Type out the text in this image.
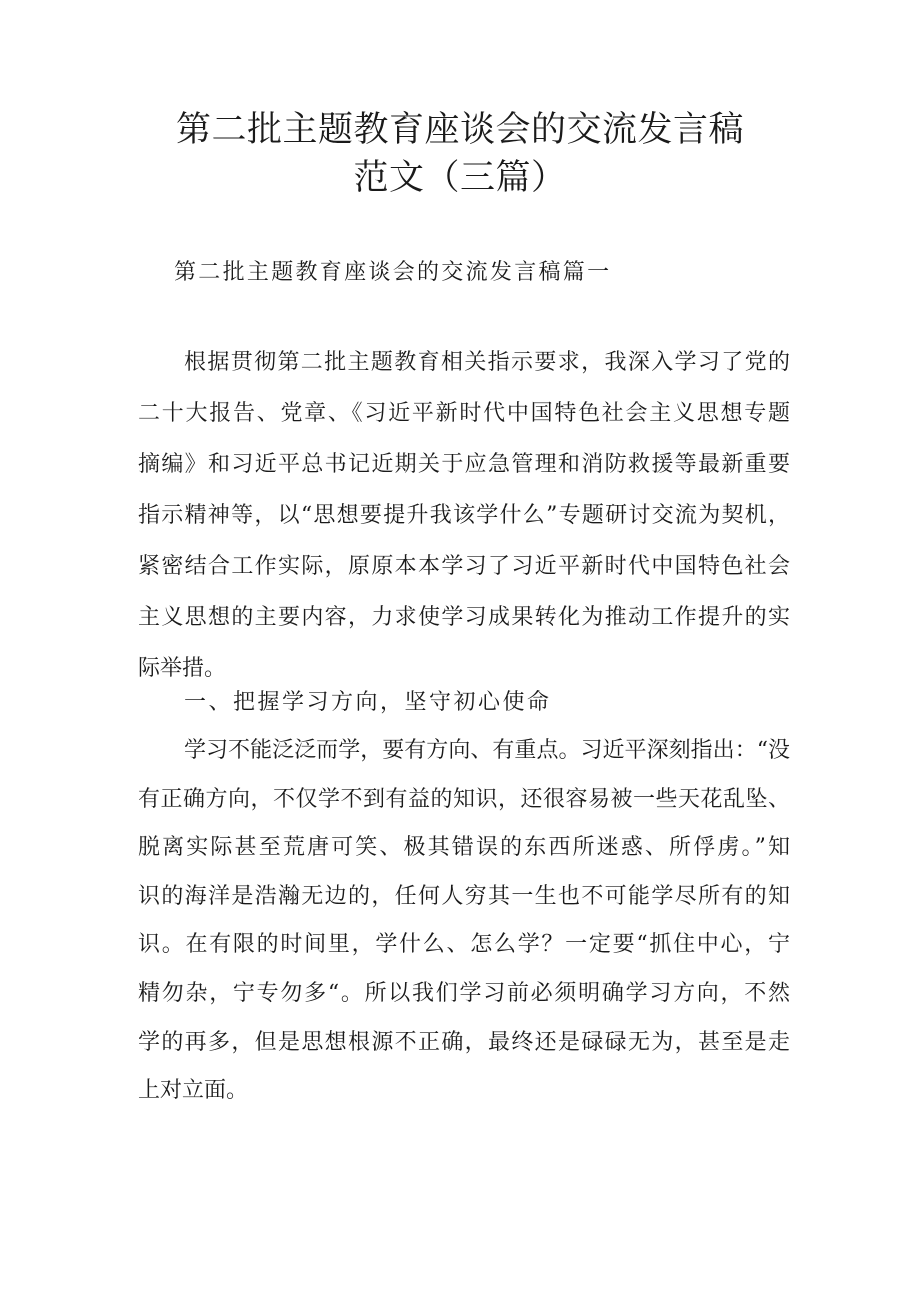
第二批主题教育座谈会的交流发言稿
范文（三篇）

第二批主题教育座谈会的交流发言稿篇一

根据贯彻第二批主题教育相关指示要求，我深入学习了党的
二十大报告、党章、《习近平新时代中国特色社会主义思想专题
摘编》和习近平总书记近期关于应急管理和消防救援等最新重要
指示精神等，以“思想要提升我该学什么”专题研讨交流为契机，
紧密结合工作实际，原原本本学习了习近平新时代中国特色社会
主义思想的主要内容，力求使学习成果转化为推动工作提升的实
际举措。

一、把握学习方向，坚守初心使命

学习不能泛泛而学，要有方向、有重点。习近平深刻指出：“没
有正确方向，不仅学不到有益的知识，还很容易被一些天花乱坠、
脱离实际甚至荒唐可笑、极其错误的东西所迷惑、所俘虏。”知
识的海洋是浩瀚无边的，任何人穷其一生也不可能学尽所有的知
识。在有限的时间里，学什么、怎么学？一定要“抓住中心，宁
精勿杂，宁专勿多“。所以我们学习前必须明确学习方向，不然
学的再多，但是思想根源不正确，最终还是碌碌无为，甚至是走
上对立面。
